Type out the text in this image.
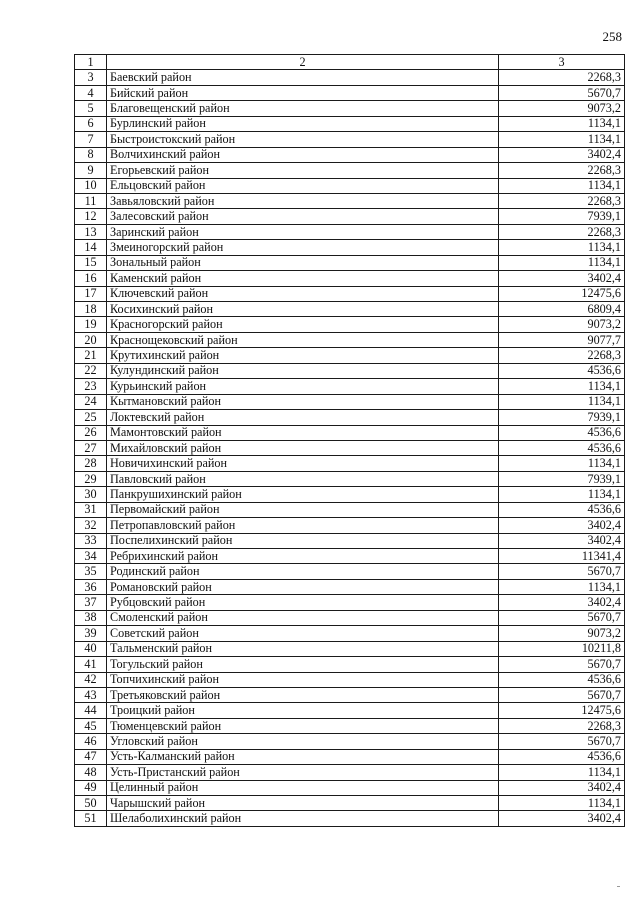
258
1	2	3
3	Баевский район	2268,3
4	Бийский район	5670,7
5	Благовещенский район	9073,2
6	Бурлинский район	1134,1
7	Быстроистокский район	1134,1
8	Волчихинский район	3402,4
9	Егорьевский район	2268,3
10	Ельцовский район	1134,1
11	Завьяловский район	2268,3
12	Залесовский район	7939,1
13	Заринский район	2268,3
14	Змеиногорский район	1134,1
15	Зональный район	1134,1
16	Каменский район	3402,4
17	Ключевский район	12475,6
18	Косихинский район	6809,4
19	Красногорский район	9073,2
20	Краснощековский район	9077,7
21	Крутихинский район	2268,3
22	Кулундинский район	4536,6
23	Курьинский район	1134,1
24	Кытмановский район	1134,1
25	Локтевский район	7939,1
26	Мамонтовский район	4536,6
27	Михайловский район	4536,6
28	Новичихинский район	1134,1
29	Павловский район	7939,1
30	Панкрушихинский район	1134,1
31	Первомайский район	4536,6
32	Петропавловский район	3402,4
33	Поспелихинский район	3402,4
34	Ребрихинский район	11341,4
35	Родинский район	5670,7
36	Романовский район	1134,1
37	Рубцовский район	3402,4
38	Смоленский район	5670,7
39	Советский район	9073,2
40	Тальменский район	10211,8
41	Тогульский район	5670,7
42	Топчихинский район	4536,6
43	Третьяковский район	5670,7
44	Троицкий район	12475,6
45	Тюменцевский район	2268,3
46	Угловский район	5670,7
47	Усть-Калманский район	4536,6
48	Усть-Пристанский район	1134,1
49	Целинный район	3402,4
50	Чарышский район	1134,1
51	Шелаболихинский район	3402,4
